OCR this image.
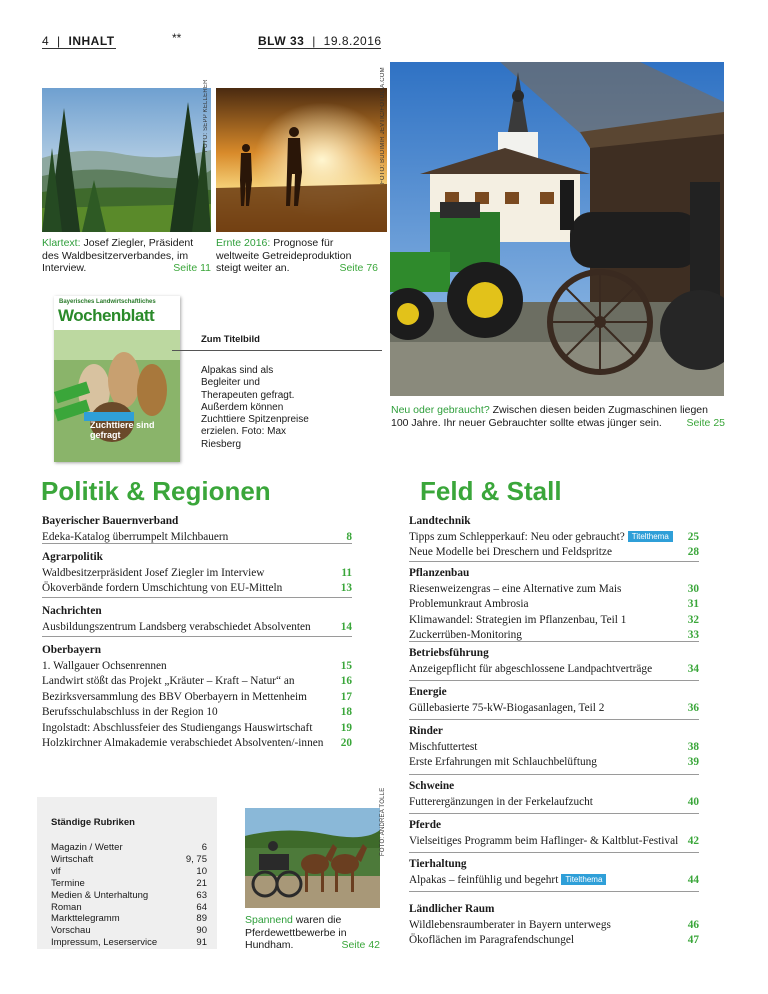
4 | INHALT	**	BLW 33 | 19.8.2016
FOTO: SEPP KELLERER	FOTO: BUDIMIR JEVTIC/FOTOLIA.COM
Klartext: Josef Ziegler, Präsident des Waldbesitzerverbandes, im Interview.	Seite 11
Ernte 2016: Prognose für weltweite Getreideproduktion steigt weiter an.	Seite 76
Bayerisches Landwirtschaftliches
Wochenblatt
Zuchttiere sind gefragt
Zum Titelbild
Alpakas sind als Begleiter und Therapeuten gefragt. Außerdem können Zuchttiere Spitzenpreise erzielen. Foto: Max Riesberg
Neu oder gebraucht? Zwischen diesen beiden Zugmaschinen liegen 100 Jahre. Ihr neuer Gebrauchter sollte etwas jünger sein. Seite 25
Politik & Regionen	Feld & Stall
Bayerischer Bauernverband
Edeka-Katalog überrumpelt Milchbauern	8
Agrarpolitik
Waldbesitzerpräsident Josef Ziegler im Interview	11
Ökoverbände fordern Umschichtung von EU-Mitteln	13
Nachrichten
Ausbildungszentrum Landsberg verabschiedet Absolventen	14
Oberbayern
1. Wallgauer Ochsenrennen	15
Landwirt stößt das Projekt „Kräuter – Kraft – Natur“ an	16
Bezirksversammlung des BBV Oberbayern in Mettenheim	17
Berufsschulabschluss in der Region 10	18
Ingolstadt: Abschlussfeier des Studiengangs Hauswirtschaft	19
Holzkirchner Almakademie verabschiedet Absolventen/-innen 20
Ständige Rubriken
Magazin / Wetter	6
Wirtschaft	9, 75
vlf	10
Termine	21
Medien & Unterhaltung	63
Roman	64
Markttelegramm	89
Vorschau	90
Impressum, Leserservice	91
FOTO: ANDREA TÖLLE
Spannend waren die Pferdewettbewerbe in Hundham.	Seite 42
Landtechnik
Tipps zum Schlepperkauf: Neu oder gebraucht? Titelthema	25
Neue Modelle bei Dreschern und Feldspritze	28
Pflanzenbau
Riesenweizengras – eine Alternative zum Mais	30
Problemunkraut Ambrosia	31
Klimawandel: Strategien im Pflanzenbau, Teil 1	32
Zuckerrüben-Monitoring	33
Betriebsführung
Anzeigepflicht für abgeschlossene Landpachtverträge	34
Energie
Güllebasierte 75-kW-Biogasanlagen, Teil 2	36
Rinder
Mischfuttertest	38
Erste Erfahrungen mit Schlauchbelüftung	39
Schweine
Futterergänzungen in der Ferkelaufzucht	40
Pferde
Vielseitiges Programm beim Haflinger- & Kaltblut-Festival 42
Tierhaltung
Alpakas – feinfühlig und begehrt Titelthema	44
Ländlicher Raum
Wildlebensraumberater in Bayern unterwegs	46
Ökoflächen im Paragrafendschungel	47
